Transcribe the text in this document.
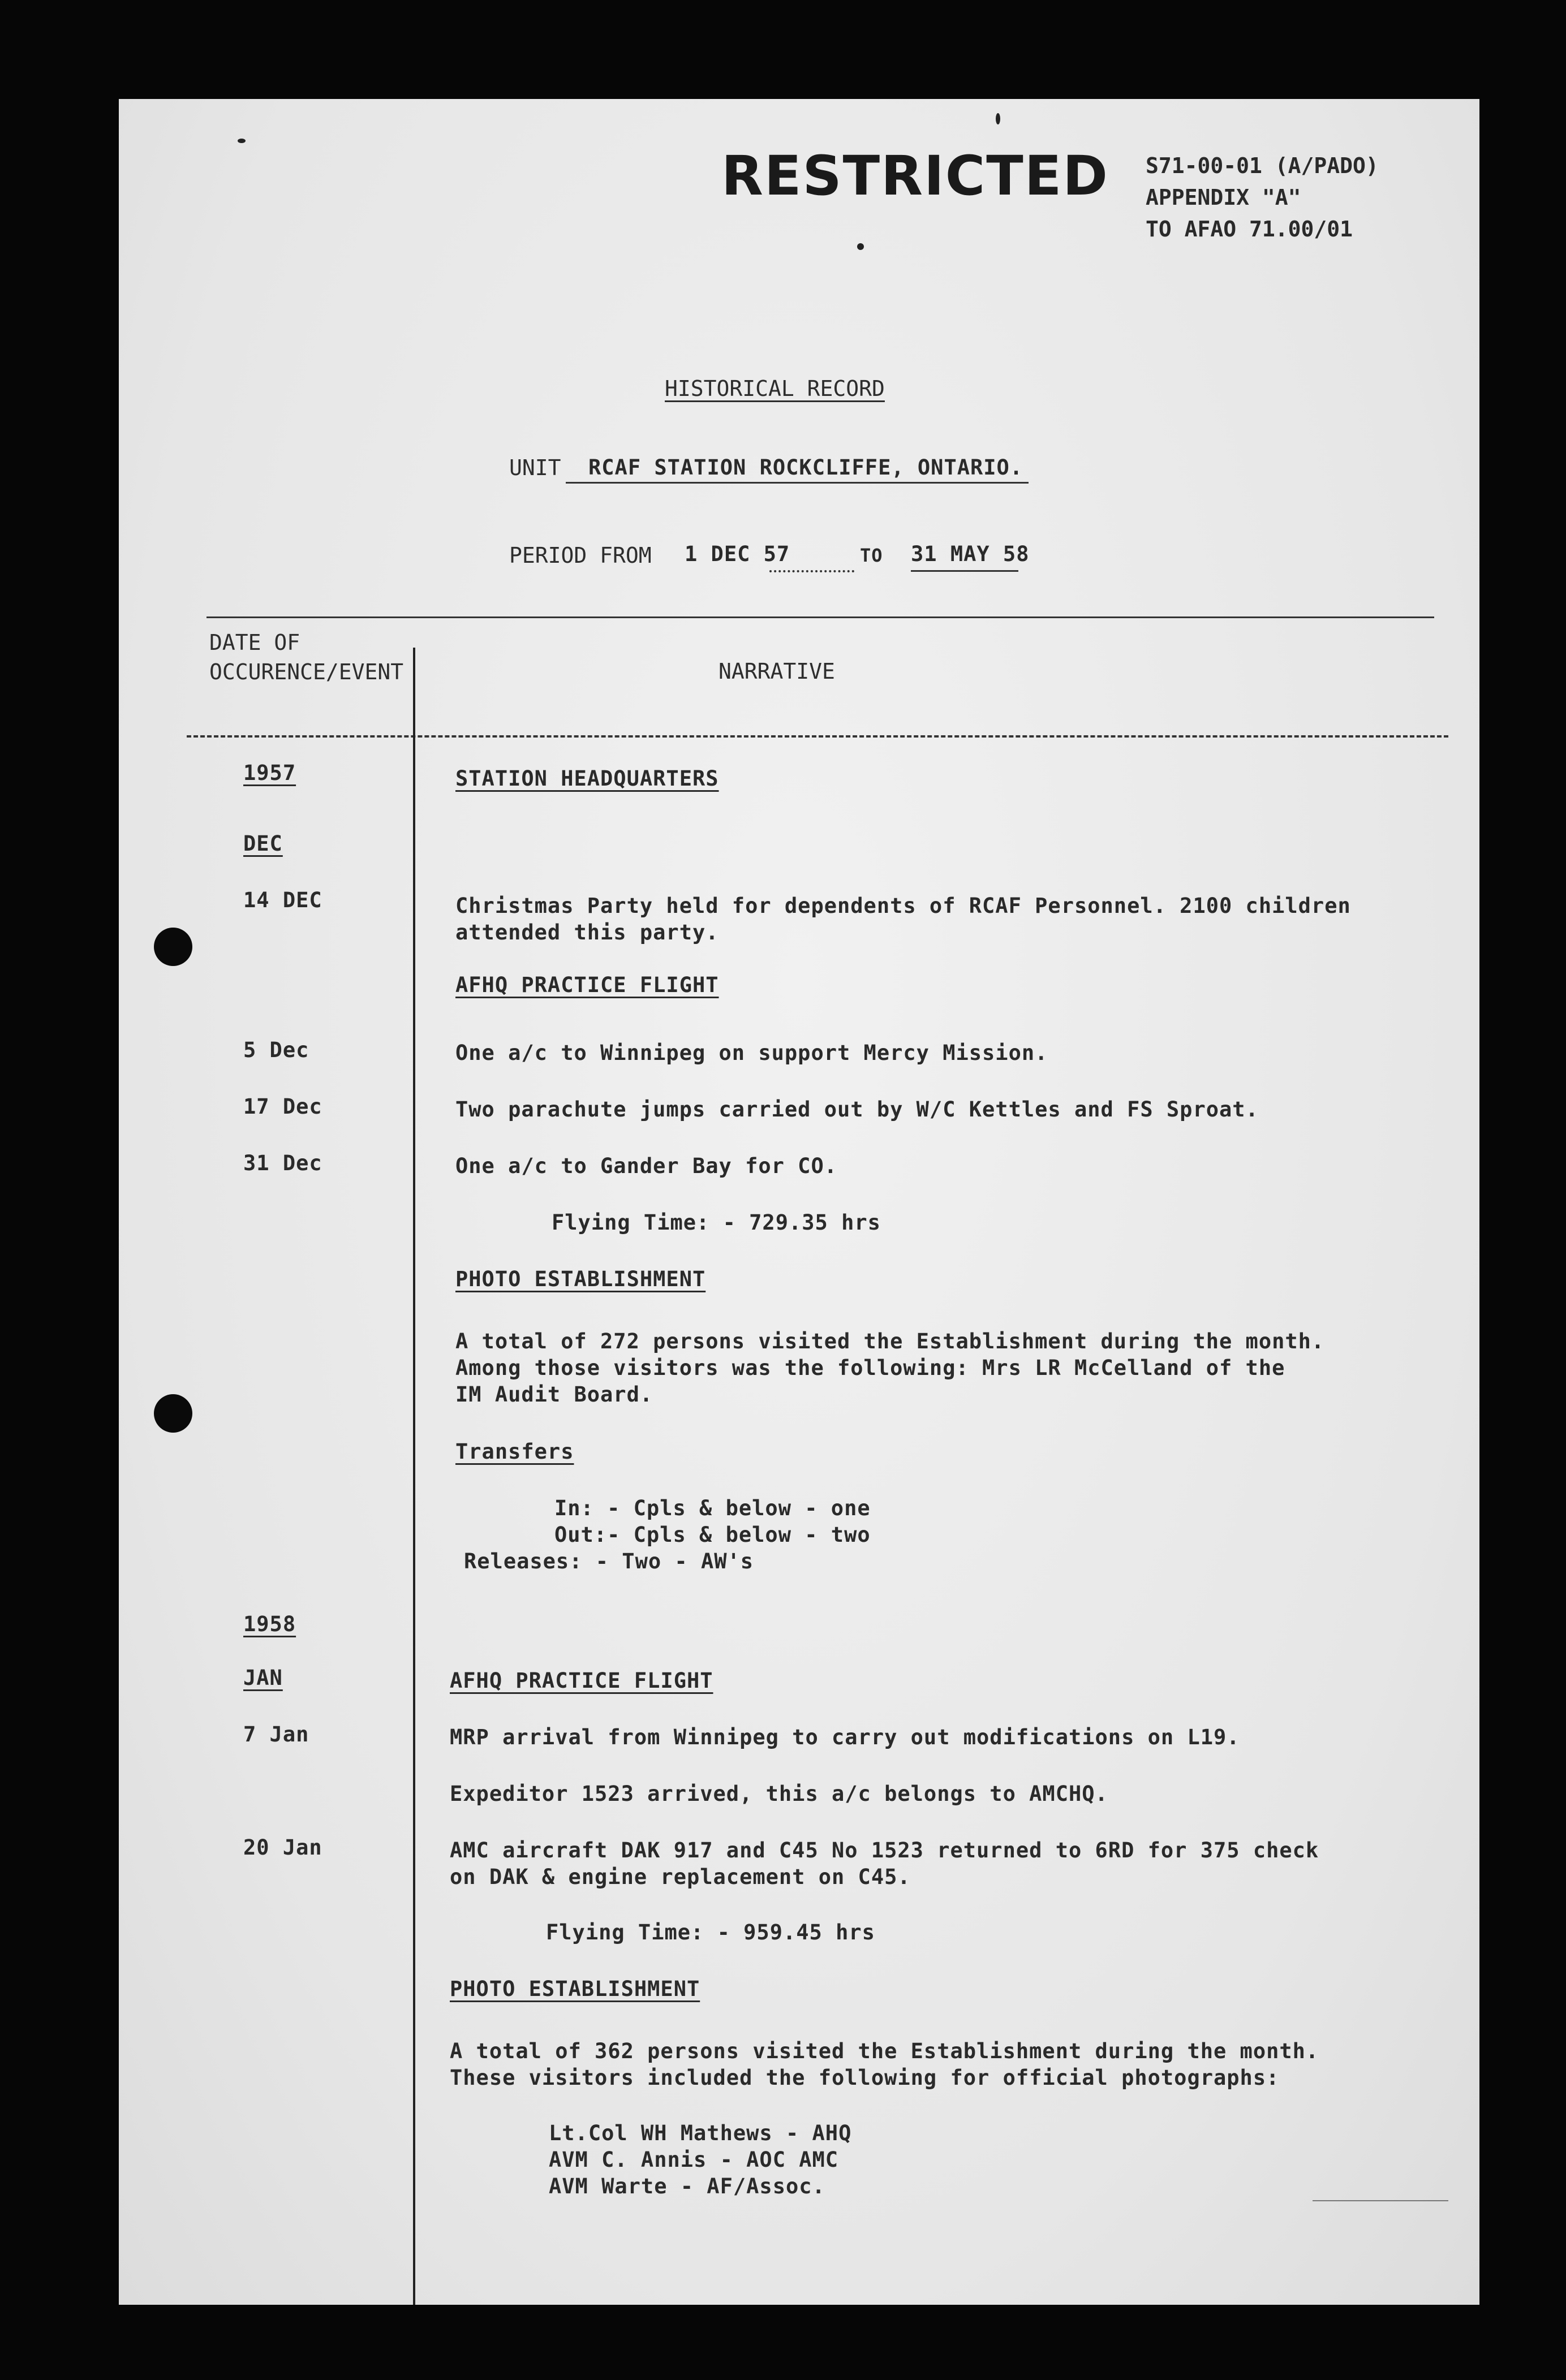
RESTRICTED S71-00-01 (A/PADO)
APPENDIX "A"
TO AFAO 71.00/01
HISTORICAL RECORD
UNIT	RCAF STATION ROCKCLIFFE, ONTARIO.
PERIOD FROM 1 DEC 57	TO 31 MAY 58
DATE OF
OCCURENCE/EVENT	NARRATIVE
1957	STATION HEADQUARTERS
DEC
14 DEC	Christmas Party held for dependents of RCAF Personnel. 2100 children
attended this party.
AFHQ PRACTICE FLIGHT
5 Dec	One a/c to Winnipeg on support Mercy Mission.
17 Dec	Two parachute jumps carried out by W/C Kettles and FS Sproat.
31 Dec	One a/c to Gander Bay for CO.
Flying Time: - 729.35 hrs
PHOTO ESTABLISHMENT
A total of 272 persons visited the Establishment during the month.
Among those visitors was the following: Mrs LR McCelland of the
IM Audit Board.
Transfers
In: - Cpls & below - one
Out:- Cpls & below - two
Releases: - Two - AW's
1958
JAN	AFHQ PRACTICE FLIGHT
7 Jan	MRP arrival from Winnipeg to carry out modifications on L19.
Expeditor 1523 arrived, this a/c belongs to AMCHQ.
20 Jan	AMC aircraft DAK 917 and C45 No 1523 returned to 6RD for 375 check
on DAK & engine replacement on C45.
Flying Time: - 959.45 hrs
PHOTO ESTABLISHMENT
A total of 362 persons visited the Establishment during the month.
These visitors included the following for official photographs:
Lt.Col WH Mathews - AHQ
AVM C. Annis - AOC AMC
AVM Warte - AF/Assoc.
